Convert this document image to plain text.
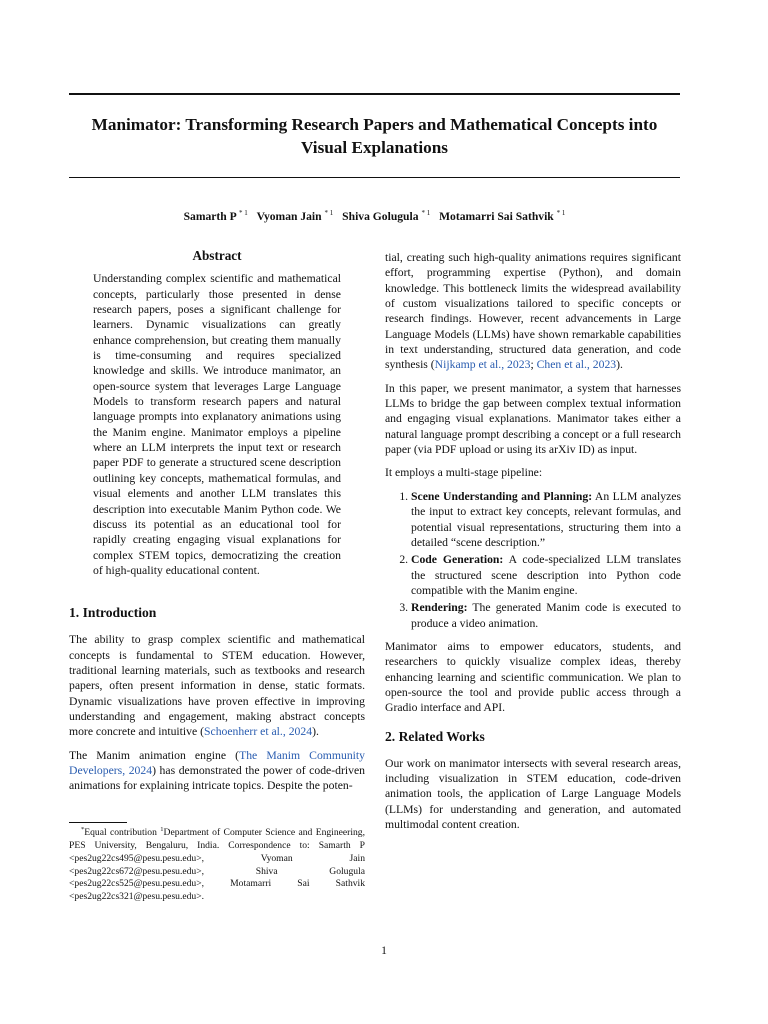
Manimator: Transforming Research Papers and Mathematical Concepts into Visual Explanations
Samarth P $^{* 1}$ Vyoman Jain $^{* 1}$ Shiva Golugula $^{* 1}$ Motamarri Sai Sathvik $^{* 1}$
Abstract

Understanding complex scientific and mathematical concepts, particularly those presented in dense research papers, poses a significant challenge for learners. Dynamic visualizations can greatly enhance comprehension, but creating them manually is time-consuming and requires specialized knowledge and skills. We introduce manimator, an open-source system that leverages Large Language Models to transform research papers and natural language prompts into explanatory animations using the Manim engine. Manimator employs a pipeline where an LLM interprets the input text or research paper PDF to generate a structured scene description outlining key concepts, mathematical formulas, and visual elements and another LLM translates this description into executable Manim Python code. We discuss its potential as an educational tool for rapidly creating engaging visual explanations for complex STEM topics, democratizing the creation of high-quality educational content.

1. Introduction

The ability to grasp complex scientific and mathematical concepts is fundamental to STEM education. However, traditional learning materials, such as textbooks and research papers, often present information in dense, static formats. Dynamic visualizations have proven effective in improving understanding and engagement, making abstract concepts more concrete and intuitive (Schoenherr et al., 2024).

The Manim animation engine (The Manim Community Developers, 2024) has demonstrated the power of code-driven animations for explaining intricate topics. Despite the poten-

tial, creating such high-quality animations requires significant effort, programming expertise (Python), and domain knowledge. This bottleneck limits the widespread availability of custom visualizations tailored to specific concepts or research findings. However, recent advancements in Large Language Models (LLMs) have shown remarkable capabilities in text understanding, structured data generation, and code synthesis (Nijkamp et al., 2023; Chen et al., 2023).

In this paper, we present manimator, a system that harnesses LLMs to bridge the gap between complex textual information and engaging visual explanations. Manimator takes either a natural language prompt describing a concept or a full research paper (via PDF upload or using its arXiv ID) as input.

It employs a multi-stage pipeline:

1. Scene Understanding and Planning: An LLM analyzes the input to extract key concepts, relevant formulas, and potential visual representations, structuring them into a detailed “scene description.”
2. Code Generation: A code-specialized LLM translates the structured scene description into Python code compatible with the Manim engine.
3. Rendering: The generated Manim code is executed to produce a video animation.

Manimator aims to empower educators, students, and researchers to quickly visualize complex ideas, thereby enhancing learning and scientific communication. We plan to open-source the tool and provide public access through a Gradio interface and API.

2. Related Works

Our work on manimator intersects with several research areas, including visualization in STEM education, code-driven animation tools, the application of Large Language Models (LLMs) for understanding and generation, and automated multimodal content creation.

*Equal contribution $^1$Department of Computer Science and Engineering, PES University, Bengaluru, India. Correspondence to: Samarth P <pes2ug22cs495@pesu.pesu.edu>, Vyoman Jain <pes2ug22cs672@pesu.pesu.edu>, Shiva Golugula <pes2ug22cs525@pesu.pesu.edu>, Motamarri Sai Sathvik <pes2ug22cs321@pesu.pesu.edu>.

1
